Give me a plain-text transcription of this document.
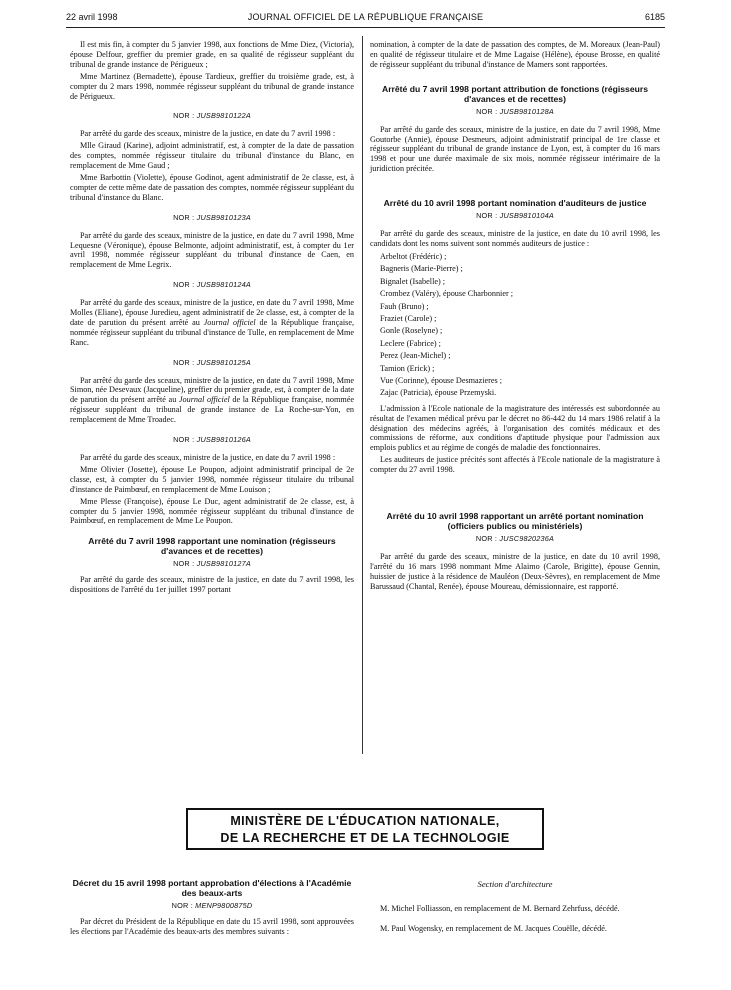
22 avril 1998	JOURNAL OFFICIEL DE LA RÉPUBLIQUE FRANÇAISE	6185

Il est mis fin, à compter du 5 janvier 1998, aux fonctions de Mme Diez, (Victoria), épouse Delfour, greffier du premier grade, en sa qualité de régisseur suppléant du tribunal de grande instance de Périgueux ;

Mme Martinez (Bernadette), épouse Tardieux, greffier du troisième grade, est, à compter du 2 mars 1998, nommée régisseur suppléant du tribunal de grande instance de Périgueux.

NOR : JUSB9810122A

Par arrêté du garde des sceaux, ministre de la justice, en date du 7 avril 1998 :

Mlle Giraud (Karine), adjoint administratif, est, à compter de la date de passation des comptes, nommée régisseur titulaire du tribunal d'instance du Blanc, en remplacement de Mme Gaud ;

Mme Barbottin (Violette), épouse Godinot, agent administratif de 2e classe, est, à compter de cette même date de passation des comptes, nommée régisseur suppléant du tribunal d'instance du Blanc.

NOR : JUSB9810123A

Par arrêté du garde des sceaux, ministre de la justice, en date du 7 avril 1998, Mme Lequesne (Véronique), épouse Belmonte, adjoint administratif, est, à compter du 1er avril 1998, nommée régisseur suppléant du tribunal d'instance de Caen, en remplacement de Mme Legrix.

NOR : JUSB9810124A

Par arrêté du garde des sceaux, ministre de la justice, en date du 7 avril 1998, Mme Molles (Eliane), épouse Juredieu, agent administratif de 2e classe, est, à compter de la date de parution du présent arrêté au Journal officiel de la République française, nommée régisseur suppléant du tribunal d'instance de Tulle, en remplacement de Mme Ranc.

NOR : JUSB9810125A

Par arrêté du garde des sceaux, ministre de la justice, en date du 7 avril 1998, Mme Simon, née Desevaux (Jacqueline), greffier du premier grade, est, à compter de la date de parution du présent arrêté au Journal officiel de la République française, nommée régisseur suppléant du tribunal de grande instance de La Roche-sur-Yon, en remplacement de Mme Troadec.

NOR : JUSB9810126A

Par arrêté du garde des sceaux, ministre de la justice, en date du 7 avril 1998 :

Mme Olivier (Josette), épouse Le Poupon, adjoint administratif principal de 2e classe, est, à compter du 5 janvier 1998, nommée régisseur titulaire du tribunal d'instance de Paimbœuf, en remplacement de Mme Louison ;

Mme Plesse (Françoise), épouse Le Duc, agent administratif de 2e classe, est, à compter du 5 janvier 1998, nommée régisseur suppléant du tribunal d'instance de Paimbœuf, en remplacement de Mme Le Poupon.

Arrêté du 7 avril 1998 rapportant une nomination (régisseurs d'avances et de recettes)
NOR : JUSB9810127A

Par arrêté du garde des sceaux, ministre de la justice, en date du 7 avril 1998, les dispositions de l'arrêté du 1er juillet 1997 portant

nomination, à compter de la date de passation des comptes, de M. Moreaux (Jean-Paul) en qualité de régisseur titulaire et de Mme Lagaise (Hélène), épouse Brosse, en qualité de régisseur suppléant du tribunal d'instance de Mamers sont rapportées.

Arrêté du 7 avril 1998 portant attribution de fonctions (régisseurs d'avances et de recettes)
NOR : JUSB9810128A

Par arrêté du garde des sceaux, ministre de la justice, en date du 7 avril 1998, Mme Goutorbe (Annie), épouse Desmeurs, adjoint administratif principal de 1re classe et régisseur suppléant du tribunal de grande instance de Lyon, est, à compter du 16 mars 1998 et pour une durée maximale de six mois, nommée régisseur intérimaire de la juridiction précitée.

Arrêté du 10 avril 1998 portant nomination d'auditeurs de justice
NOR : JUSB9810104A

Par arrêté du garde des sceaux, ministre de la justice, en date du 10 avril 1998, les candidats dont les noms suivent sont nommés auditeurs de justice :

Arbeltot (Frédéric) ;
Bagneris (Marie-Pierre) ;
Bignalet (Isabelle) ;
Crombez (Valéry), épouse Charbonnier ;
Fauh (Bruno) ;
Fraziet (Carole) ;
Gonle (Roselyne) ;
Leclere (Fabrice) ;
Perez (Jean-Michel) ;
Tamion (Erick) ;
Vue (Corinne), épouse Desmazieres ;
Zajac (Patricia), épouse Przemyski.

L'admission à l'Ecole nationale de la magistrature des intéressés est subordonnée au résultat de l'examen médical prévu par le décret no 86-442 du 14 mars 1986 relatif à la désignation des médecins agréés, à l'organisation des comités médicaux et des commissions de réforme, aux conditions d'aptitude physique pour l'admission aux emplois publics et au régime de congés de maladie des fonctionnaires.

Les auditeurs de justice précités sont affectés à l'Ecole nationale de la magistrature à compter du 27 avril 1998.

Arrêté du 10 avril 1998 rapportant un arrêté portant nomination (officiers publics ou ministériels)
NOR : JUSC9820236A

Par arrêté du garde des sceaux, ministre de la justice, en date du 10 avril 1998, l'arrêté du 16 mars 1998 nommant Mme Alaimo (Carole, Brigitte), épouse Gennin, huissier de justice à la résidence de Mauléon (Deux-Sèvres), en remplacement de Mme Barussaud (Chantal, Renée), épouse Moureau, démissionnaire, est rapporté.

MINISTÈRE DE L'ÉDUCATION NATIONALE,
DE LA RECHERCHE ET DE LA TECHNOLOGIE
Décret du 15 avril 1998 portant approbation d'élections à l'Académie des beaux-arts
NOR : MENP9800875D

Par décret du Président de la République en date du 15 avril 1998, sont approuvées les élections par l'Académie des beaux-arts des membres suivants :

Section d'architecture

M. Michel Folliasson, en remplacement de M. Bernard Zehrfuss, décédé.

M. Paul Wogensky, en remplacement de M. Jacques Couëlle, décédé.
